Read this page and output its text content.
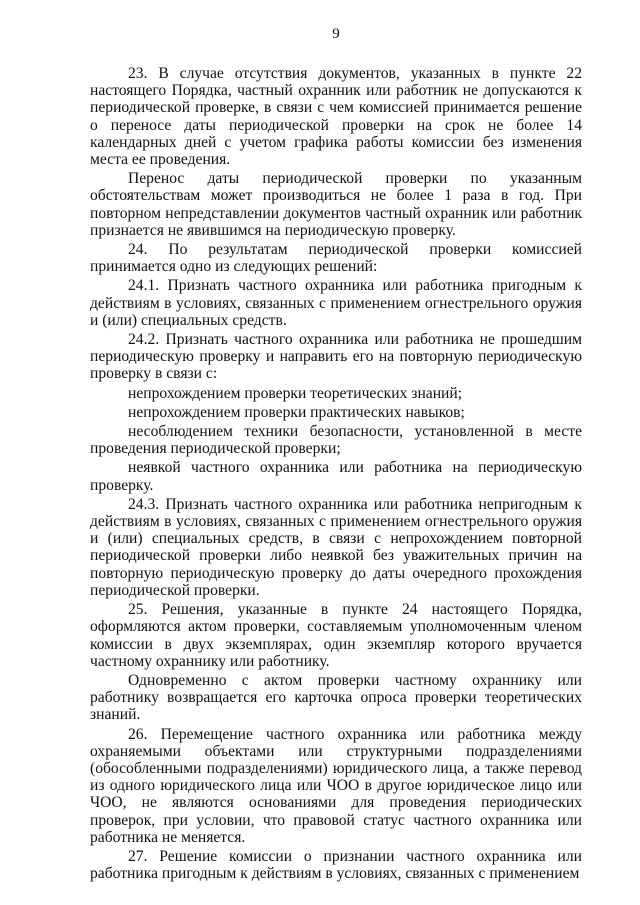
9

23. В случае отсутствия документов, указанных в пункте 22 настоящего Порядка, частный охранник или работник не допускаются к периодической проверке, в связи с чем комиссией принимается решение о переносе даты периодической проверки на срок не более 14 календарных дней с учетом графика работы комиссии без изменения места ее проведения.

Перенос даты периодической проверки по указанным обстоятельствам может производиться не более 1 раза в год. При повторном непредставлении документов частный охранник или работник признается не явившимся на периодическую проверку.

24. По результатам периодической проверки комиссией принимается одно из следующих решений:

24.1. Признать частного охранника или работника пригодным к действиям в условиях, связанных с применением огнестрельного оружия и (или) специальных средств.

24.2. Признать частного охранника или работника не прошедшим периодическую проверку и направить его на повторную периодическую проверку в связи с:

непрохождением проверки теоретических знаний;

непрохождением проверки практических навыков;

несоблюдением техники безопасности, установленной в месте проведения периодической проверки;

неявкой частного охранника или работника на периодическую проверку.

24.3. Признать частного охранника или работника непригодным к действиям в условиях, связанных с применением огнестрельного оружия и (или) специальных средств, в связи с непрохождением повторной периодической проверки либо неявкой без уважительных причин на повторную периодическую проверку до даты очередного прохождения периодической проверки.

25. Решения, указанные в пункте 24 настоящего Порядка, оформляются актом проверки, составляемым уполномоченным членом комиссии в двух экземплярах, один экземпляр которого вручается частному охраннику или работнику.

Одновременно с актом проверки частному охраннику или работнику возвращается его карточка опроса проверки теоретических знаний.

26. Перемещение частного охранника или работника между охраняемыми объектами или структурными подразделениями (обособленными подразделениями) юридического лица, а также перевод из одного юридического лица или ЧОО в другое юридическое лицо или ЧОО, не являются основаниями для проведения периодических проверок, при условии, что правовой статус частного охранника или работника не меняется.

27. Решение комиссии о признании частного охранника или работника пригодным к действиям в условиях, связанных с применением
